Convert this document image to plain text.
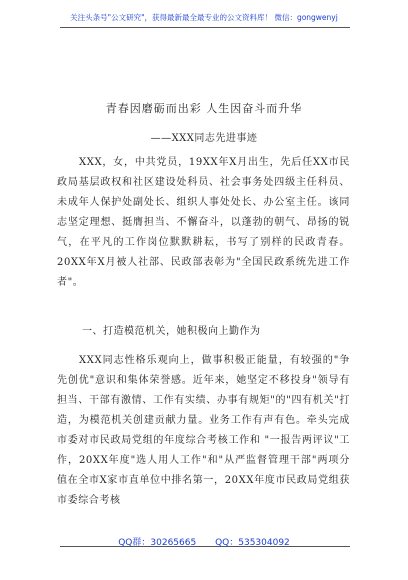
关注头条号"公文研究"，获得最新最全最专业的公文资料库！ 微信：gongwenyj
青春因磨砺而出彩 人生因奋斗而升华
——XXX同志先进事迹
XXX，女，中共党员，19XX年X月出生，先后任XX市民政局基层政权和社区建设处科员、社会事务处四级主任科员、未成年人保护处副处长、组织人事处处长、办公室主任。该同志坚定理想、挺膺担当、不懈奋斗，以蓬勃的朝气、昂扬的锐气，在平凡的工作岗位默默耕耘，书写了别样的民政青春。20XX年X月被人社部、民政部表彰为"全国民政系统先进工作者"。
一、打造模范机关，她积极向上勤作为
XXX同志性格乐观向上，做事积极正能量，有较强的"争先创优"意识和集体荣誉感。近年来，她坚定不移投身"领导有担当、干部有激情、工作有实绩、办事有规矩"的"四有机关"打造，为模范机关创建贡献力量。业务工作有声有色。牵头完成市委对市民政局党组的年度综合考核工作和 "一报告两评议"工作，20XX年度"选人用人工作"和"从严监督管理干部"两项分值在全市X家市直单位中排名第一，20XX年度市民政局党组获市委综合考核
QQ群：30265665 QQ：535304092
